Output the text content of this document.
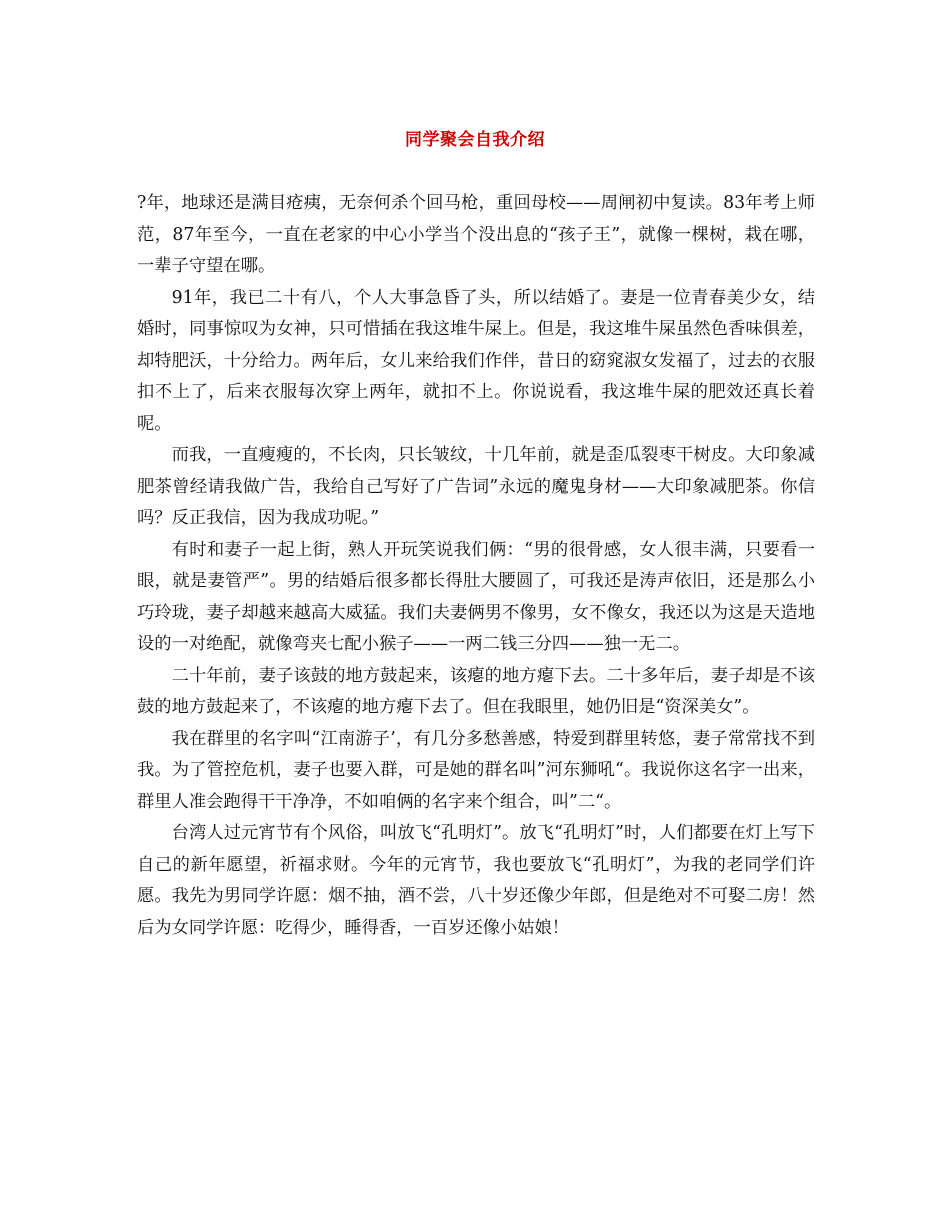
同学聚会自我介绍

?年，地球还是满目疮痍，无奈何杀个回马枪，重回母校——周闸初中复读。83年考上师范，87年至今，一直在老家的中心小学当个没出息的“孩子王”，就像一棵树，栽在哪，一辈子守望在哪。

91年，我已二十有八，个人大事急昏了头，所以结婚了。妻是一位青春美少女，结婚时，同事惊叹为女神，只可惜插在我这堆牛屎上。但是，我这堆牛屎虽然色香味俱差，却特肥沃，十分给力。两年后，女儿来给我们作伴，昔日的窈窕淑女发福了，过去的衣服扣不上了，后来衣服每次穿上两年，就扣不上。你说说看，我这堆牛屎的肥效还真长着呢。

而我，一直瘦瘦的，不长肉，只长皱纹，十几年前，就是歪瓜裂枣干树皮。大印象减肥茶曾经请我做广告，我给自己写好了广告词”永远的魔鬼身材——大印象减肥茶。你信吗？反正我信，因为我成功呢。”

有时和妻子一起上街，熟人开玩笑说我们俩：“男的很骨感，女人很丰满，只要看一眼，就是妻管严”。男的结婚后很多都长得肚大腰圆了，可我还是涛声依旧，还是那么小巧玲珑，妻子却越来越高大威猛。我们夫妻俩男不像男，女不像女，我还以为这是天造地设的一对绝配，就像弯夹七配小猴子——一两二钱三分四——独一无二。

二十年前，妻子该鼓的地方鼓起来，该瘪的地方瘪下去。二十多年后，妻子却是不该鼓的地方鼓起来了，不该瘪的地方瘪下去了。但在我眼里，她仍旧是“资深美女”。

我在群里的名字叫“江南游子’，有几分多愁善感，特爱到群里转悠，妻子常常找不到我。为了管控危机，妻子也要入群，可是她的群名叫”河东狮吼“。我说你这名字一出来，群里人准会跑得干干净净，不如咱俩的名字来个组合，叫”二“。

台湾人过元宵节有个风俗，叫放飞“孔明灯”。放飞“孔明灯”时，人们都要在灯上写下自己的新年愿望，祈福求财。今年的元宵节，我也要放飞“孔明灯”，为我的老同学们许愿。我先为男同学许愿：烟不抽，酒不尝，八十岁还像少年郎，但是绝对不可娶二房！然后为女同学许愿：吃得少，睡得香，一百岁还像小姑娘！
